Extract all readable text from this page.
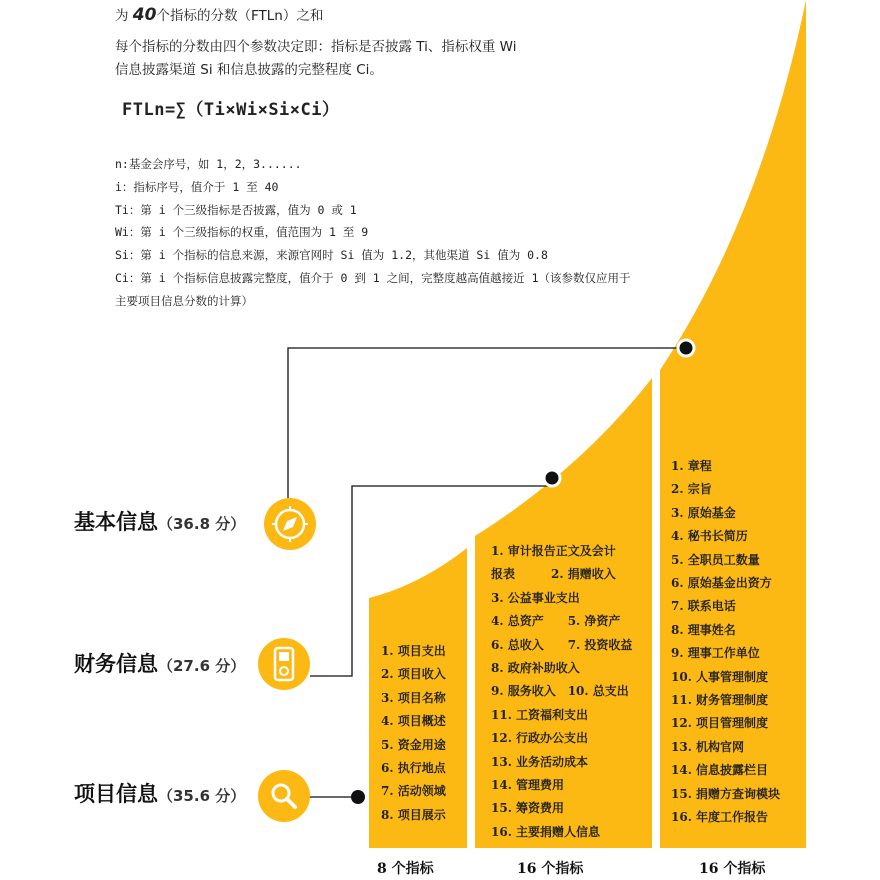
为 40个指标的分数（FTLn）之和
每个指标的分数由四个参数决定即：指标是否披露 Ti、指标权重 Wi
信息披露渠道 Si 和信息披露的完整程度 Ci。
FTLn=∑（Ti×Wi×Si×Ci）
n:基金会序号，如 1，2，3......
i：指标序号，值介于 1 至 40
Ti：第 i 个三级指标是否披露，值为 0 或 1
Wi：第 i 个三级指标的权重，值范围为 1 至 9
Si：第 i 个指标的信息来源，来源官网时 Si 值为 1.2，其他渠道 Si 值为 0.8
Ci：第 i 个指标信息披露完整度，值介于 0 到 1 之间，完整度越高值越接近 1（该参数仅应用于
主要项目信息分数的计算）
基本信息（36.8 分）
财务信息（27.6 分）
项目信息（35.6 分）
1. 项目支出
2. 项目收入
3. 项目名称
4. 项目概述
5. 资金用途
6. 执行地点
7. 活动领域
8. 项目展示
1. 审计报告正文及会计
报表　　　2. 捐赠收入
3. 公益事业支出
4. 总资产　　5. 净资产
6. 总收入　　7. 投资收益
8. 政府补助收入
9. 服务收入　10. 总支出
11. 工资福利支出
12. 行政办公支出
13. 业务活动成本
14. 管理费用
15. 筹资费用
16. 主要捐赠人信息
1. 章程
2. 宗旨
3. 原始基金
4. 秘书长简历
5. 全职员工数量
6. 原始基金出资方
7. 联系电话
8. 理事姓名
9. 理事工作单位
10. 人事管理制度
11. 财务管理制度
12. 项目管理制度
13. 机构官网
14. 信息披露栏目
15. 捐赠方查询模块
16. 年度工作报告
8 个指标	16 个指标	16 个指标
